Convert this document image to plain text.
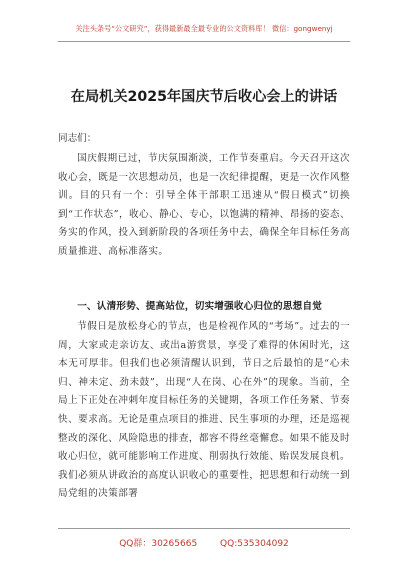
关注头条号“公文研究”，获得最新最全最专业的公文资料库！ 微信：gongwenyj
在局机关2025年国庆节后收心会上的讲话
同志们：

国庆假期已过，节庆氛围渐淡，工作节奏重启。今天召开这次收心会，既是一次思想动员，也是一次纪律提醒，更是一次作风整训。目的只有一个：引导全体干部职工迅速从“假日模式”切换到“工作状态”，收心、静心、专心，以饱满的精神、昂扬的姿态、务实的作风，投入到新阶段的各项任务中去，确保全年目标任务高质量推进、高标准落实。

一、认清形势、提高站位，切实增强收心归位的思想自觉

节假日是放松身心的节点，也是检视作风的“考场”。过去的一周，大家或走亲访友、或出a游赏景，享受了难得的休闲时光，这本无可厚非。但我们也必须清醒认识到，节日之后最怕的是“心未归、神未定、劲未鼓”，出现“人在岗、心在外”的现象。当前，全局上下正处在冲刺年度目标任务的关键期，各项工作任务紧、节奏快、要求高。无论是重点项目的推进、民生事项的办理，还是巡视整改的深化、风险隐患的排查，都容不得丝毫懈怠。如果不能及时收心归位，就可能影响工作进度、削弱执行效能、贻误发展良机。我们必须从讲政治的高度认识收心的重要性，把思想和行动统一到局党组的决策部署

QQ群：30265665	QQ:535304092
